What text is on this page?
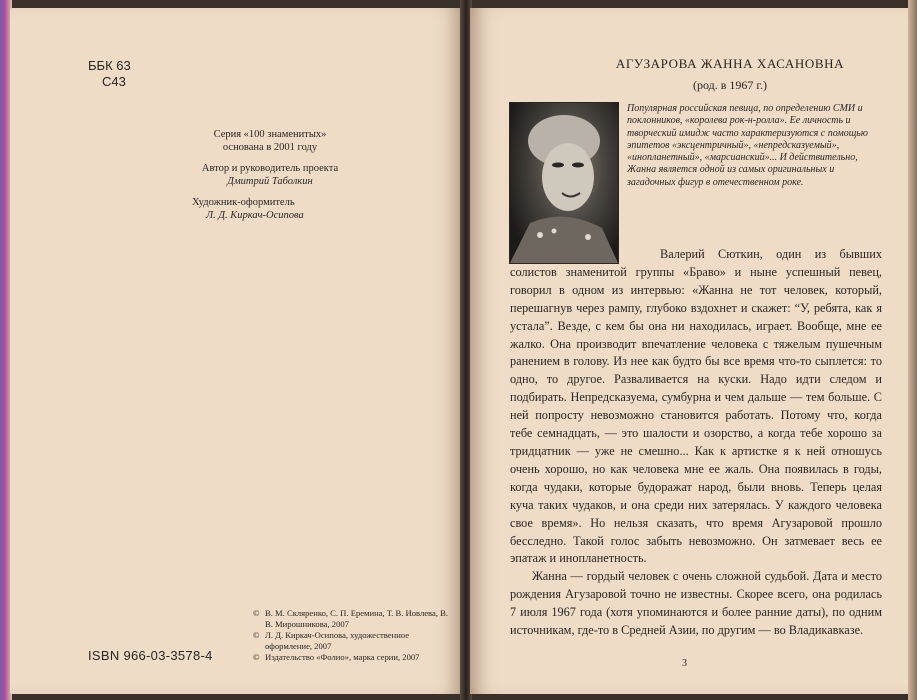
ББК 63
С43
Серия «100 знаменитых»
основана в 2001 году
Автор и руководитель проекта
Дмитрий Таболкин
Художник-оформитель
Л. Д. Киркач-Осипова
ISBN 966-03-3578-4
© В. М. Скляренко, С. П. Еремина, Т. В. Иовлева, В. В. Мирошникова, 2007
© Л. Д. Киркач-Осипова, художественное оформление, 2007
© Издательство «Фолио», марка серии, 2007
АГУЗАРОВА ЖАННА ХАСАНОВНА
(род. в 1967 г.)
Популярная российская певица, по определению СМИ и поклонников, «королева рок-н-ролла». Ее личность и творческий имидж часто характеризуются с помощью эпитетов «эксцентричный», «непредсказуемый», «инопланетный», «марсианский»... И действительно, Жанна является одной из самых оригинальных и загадочных фигур в отечественном роке.

Валерий Сюткин, один из бывших солистов знаменитой группы «Браво» и ныне успешный певец, говорил в одном из интервью: «Жанна не тот человек, который, перешагнув через рампу, глубоко вздохнет и скажет: “У, ребята, как я устала”. Везде, с кем бы она ни находилась, играет. Вообще, мне ее жалко. Она производит впечатление человека с тяжелым пушечным ранением в голову. Из нее как будто бы все время что-то сыплется: то одно, то другое. Разваливается на куски. Надо идти следом и подбирать. Непредсказуема, сумбурна и чем дальше — тем больше. С ней попросту невозможно становится работать. Потому что, когда тебе семнадцать, — это шалости и озорство, а когда тебе хорошо за тридцатник — уже не смешно... Как к артистке я к ней отношусь очень хорошо, но как человека мне ее жаль. Она появилась в годы, когда чудаки, которые будоражат народ, были вновь. Теперь целая куча таких чудаков, и она среди них затерялась. У каждого человека свое время». Но нельзя сказать, что время Агузаровой прошло бесследно. Такой голос забыть невозможно. Он затмевает весь ее эпатаж и инопланетность.

Жанна — гордый человек с очень сложной судьбой. Дата и место рождения Агузаровой точно не известны. Скорее всего, она родилась 7 июля 1967 года (хотя упоминаются и более ранние даты), по одним источникам, где-то в Средней Азии, по другим — во Владикавказе.

3
